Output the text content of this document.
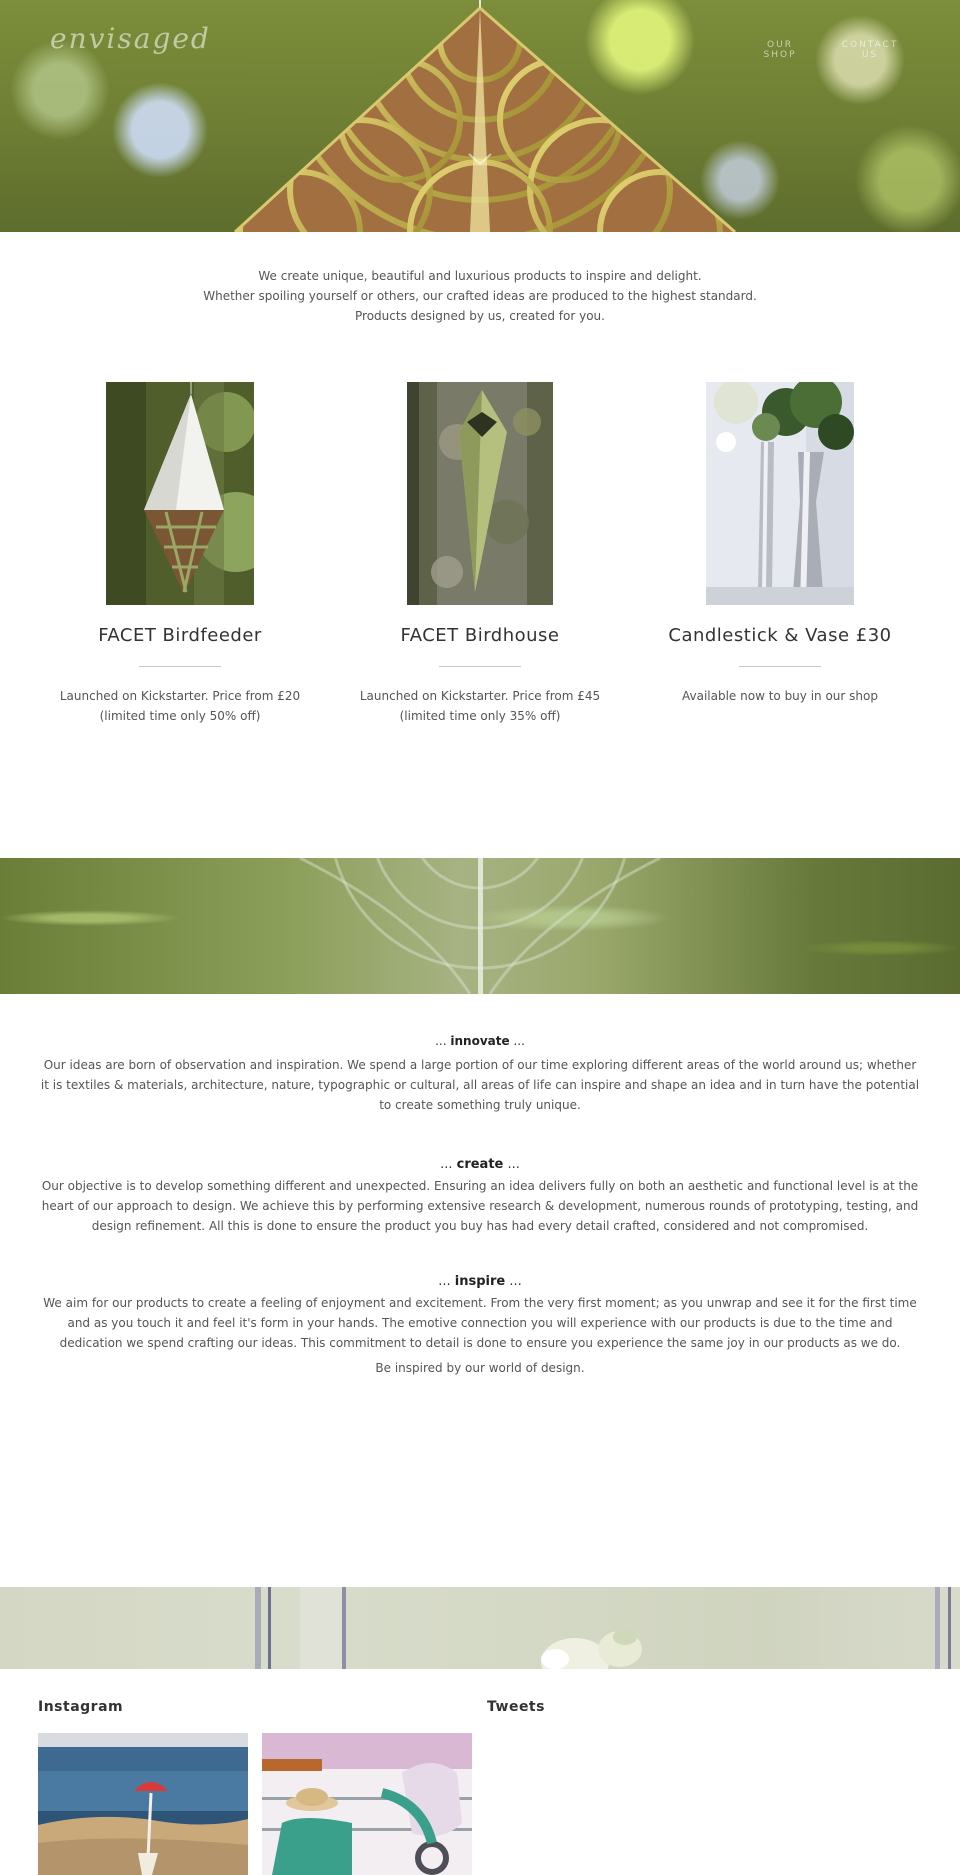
envisaged	OUR SHOP
CONTACT US
We create unique, beautiful and luxurious products to inspire and delight.
Whether spoiling yourself or others, our crafted ideas are produced to the highest standard.
Products designed by us, created for you.
FACET Birdfeeder
Launched on Kickstarter. Price from £20 (limited time only 50% off)
FACET Birdhouse
Launched on Kickstarter. Price from £45 (limited time only 35% off)
Candlestick & Vase £30
Available now to buy in our shop
... innovate ...
Our ideas are born of observation and inspiration. We spend a large portion of our time exploring different areas of the world around us; whether it is textiles & materials, architecture, nature, typographic or cultural, all areas of life can inspire and shape an idea and in turn have the potential to create something truly unique.
... create ...
Our objective is to develop something different and unexpected. Ensuring an idea delivers fully on both an aesthetic and functional level is at the heart of our approach to design. We achieve this by performing extensive research & development, numerous rounds of prototyping, testing, and design refinement. All this is done to ensure the product you buy has had every detail crafted, considered and not compromised.
... inspire ...
We aim for our products to create a feeling of enjoyment and excitement. From the very first moment; as you unwrap and see it for the first time and as you touch it and feel it's form in your hands. The emotive connection you will experience with our products is due to the time and dedication we spend crafting our ideas. This commitment to detail is done to ensure you experience the same joy in our products as we do.
Be inspired by our world of design.
Instagram	Tweets
